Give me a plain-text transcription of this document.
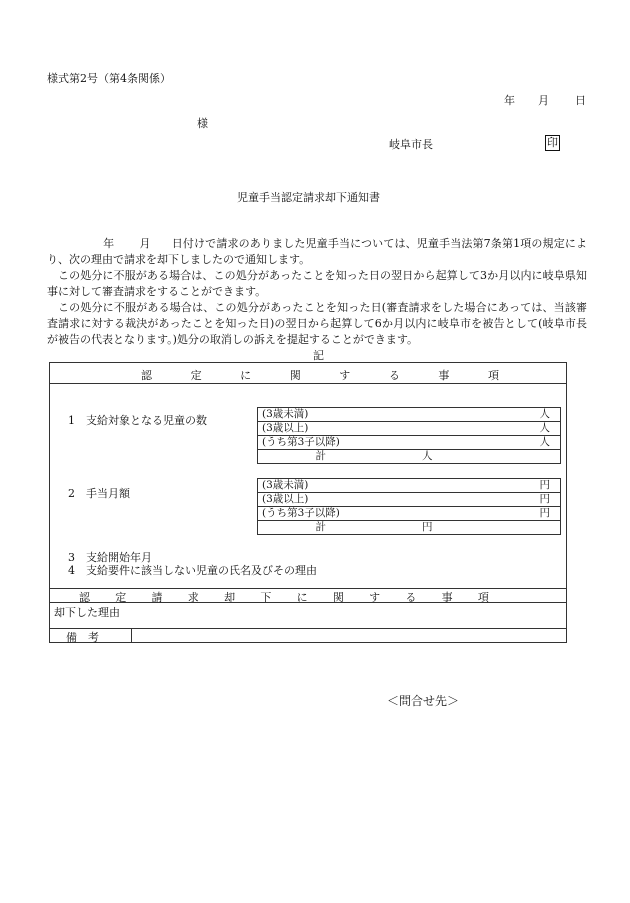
様式第2号（第4条関係）
年 月 日
様
岐阜市長	印
児童手当認定請求却下通知書
年 月 日付けで請求のありました児童手当については、児童手当法第7条第1項の規定により、次の理由で請求を却下しましたので通知します。
この処分に不服がある場合は、この処分があったことを知った日の翌日から起算して3か月以内に岐阜県知事に対して審査請求をすることができます。
この処分に不服がある場合は、この処分があったことを知った日(審査請求をした場合にあっては、当該審査請求に対する裁決があったことを知った日)の翌日から起算して6か月以内に岐阜市を被告として(岐阜市長が被告の代表となります。)処分の取消しの訴えを提起することができます。
記
認	定	に	関	す	る	事	項
1　支給対象となる児童の数	(3歳未満)	人

(3歳以上)	人

(うち第3子以降)	人

計	人
2　手当月額
(3歳未満)	円

(3歳以上)	円

(うち第3子以降)	円

計	円
3　支給開始年月
4　支給要件に該当しない児童の氏名及びその理由
認 定 請 求 却 下 に 関 す る 事 項
却下した理由
備　考
＜問合せ先＞
